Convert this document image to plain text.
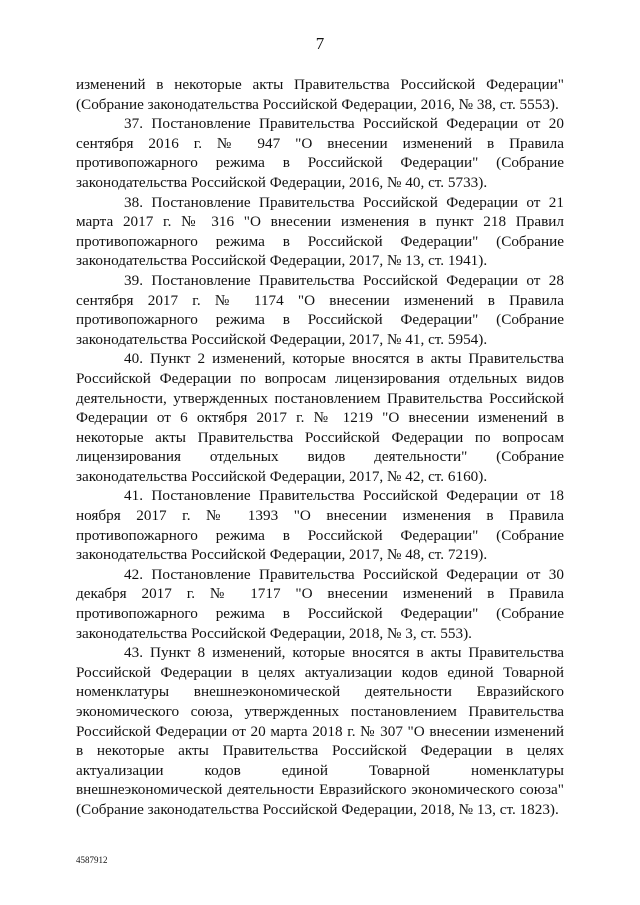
7

изменений в некоторые акты Правительства Российской Федерации" (Собрание законодательства Российской Федерации, 2016, № 38, ст. 5553).

37. Постановление Правительства Российской Федерации от 20 сентября 2016 г. № 947 "О внесении изменений в Правила противопожарного режима в Российской Федерации" (Собрание законодательства Российской Федерации, 2016, № 40, ст. 5733).

38. Постановление Правительства Российской Федерации от 21 марта 2017 г. № 316 "О внесении изменения в пункт 218 Правил противопожарного режима в Российской Федерации" (Собрание законодательства Российской Федерации, 2017, № 13, ст. 1941).

39. Постановление Правительства Российской Федерации от 28 сентября 2017 г. № 1174 "О внесении изменений в Правила противопожарного режима в Российской Федерации" (Собрание законодательства Российской Федерации, 2017, № 41, ст. 5954).

40. Пункт 2 изменений, которые вносятся в акты Правительства Российской Федерации по вопросам лицензирования отдельных видов деятельности, утвержденных постановлением Правительства Российской Федерации от 6 октября 2017 г. № 1219 "О внесении изменений в некоторые акты Правительства Российской Федерации по вопросам лицензирования отдельных видов деятельности" (Собрание законодательства Российской Федерации, 2017, № 42, ст. 6160).

41. Постановление Правительства Российской Федерации от 18 ноября 2017 г. № 1393 "О внесении изменения в Правила противопожарного режима в Российской Федерации" (Собрание законодательства Российской Федерации, 2017, № 48, ст. 7219).

42. Постановление Правительства Российской Федерации от 30 декабря 2017 г. № 1717 "О внесении изменений в Правила противопожарного режима в Российской Федерации" (Собрание законодательства Российской Федерации, 2018, № 3, ст. 553).

43. Пункт 8 изменений, которые вносятся в акты Правительства Российской Федерации в целях актуализации кодов единой Товарной номенклатуры внешнеэкономической деятельности Евразийского экономического союза, утвержденных постановлением Правительства Российской Федерации от 20 марта 2018 г. № 307 "О внесении изменений в некоторые акты Правительства Российской Федерации в целях актуализации кодов единой Товарной номенклатуры внешнеэкономической деятельности Евразийского экономического союза" (Собрание законодательства Российской Федерации, 2018, № 13, ст. 1823).

4587912
